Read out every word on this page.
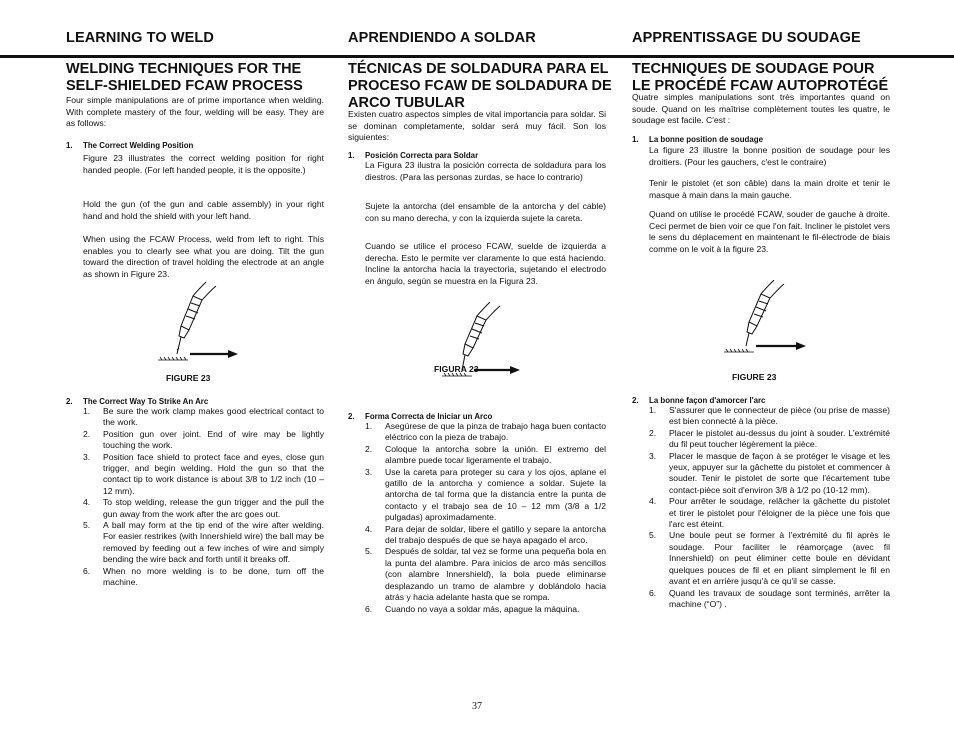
LEARNING TO WELD	APRENDIENDO A SOLDAR	APPRENTISSAGE DU SOUDAGE
WELDING TECHNIQUES FOR THE
SELF-SHIELDED FCAW PROCESS

Four simple manipulations are of prime importance when welding. With complete mastery of the four, welding will be easy. They are as follows:

1. The Correct Welding Position

Figure 23 illustrates the correct welding position for right handed people. (For left handed people, it is the opposite.)

Hold the gun (of the gun and cable assembly) in your right hand and hold the shield with your left hand.

When using the FCAW Process, weld from left to right. This enables you to clearly see what you are doing. Tilt the gun toward the direction of travel holding the electrode at an angle as shown in Figure 23.

FIGURE 23
2. The Correct Way To Strike An Arc
1. Be sure the work clamp makes good electrical contact to the work.
2. Position gun over joint. End of wire may be lightly touching the work.
3. Position face shield to protect face and eyes, close gun trigger, and begin welding. Hold the gun so that the contact tip to work distance is about 3/8 to 1/2 inch (10 – 12 mm).
4. To stop welding, release the gun trigger and the pull the gun away from the work after the arc goes out.
5. A ball may form at the tip end of the wire after welding. For easier restrikes (with Innershield wire) the ball may be removed by feeding out a few inches of wire and simply bending the wire back and forth until it breaks off.
6. When no more welding is to be done, turn off the machine.
TÉCNICAS DE SOLDADURA PARA EL
PROCESO FCAW DE SOLDADURA DE
ARCO TUBULAR

Existen cuatro aspectos simples de vital importancia para soldar. Si se dominan completamente, soldar será muy fácil. Son los siguientes:

1. Posición Correcta para Soldar

La Figura 23 ilustra la posición correcta de soldadura para los diestros. (Para las personas zurdas, se hace lo contrario)

Sujete la antorcha (del ensamble de la antorcha y del cable) con su mano derecha, y con la izquierda sujete la careta.

Cuando se utilice el proceso FCAW, suelde de izquierda a derecha. Esto le permite ver claramente lo que está haciendo. Incline la antorcha hacia la trayectoria, sujetando el electrodo en ángulo, según se muestra en la Figura 23.

FIGURA 23
2. Forma Correcta de Iniciar un Arco
1. Asegúrese de que la pinza de trabajo haga buen contacto eléctrico con la pieza de trabajo.
2. Coloque la antorcha sobre la unión. El extremo del alambre puede tocar ligeramente el trabajo.
3. Use la careta para proteger su cara y los ojos, aplane el gatillo de la antorcha y comience a soldar. Sujete la antorcha de tal forma que la distancia entre la punta de contacto y el trabajo sea de 10 – 12 mm (3/8 a 1/2 pulgadas) aproximadamente.
4. Para dejar de soldar, libere el gatillo y separe la antorcha del trabajo después de que se haya apagado el arco.
5. Después de soldar, tal vez se forme una pequeña bola en la punta del alambre. Para inicios de arco más sencillos (con alambre Innershield), la bola puede eliminarse desplazando un tramo de alambre y doblándolo hacia atrás y hacia adelante hasta que se rompa.
6. Cuando no vaya a soldar más, apague la máquina.
TECHNIQUES DE SOUDAGE POUR
LE PROCÉDÉ FCAW AUTOPROTÉGÉ

Quatre simples manipulations sont très importantes quand on soude. Quand on les maîtrise complètement toutes les quatre, le soudage est facile. C'est :

1. La bonne position de soudage

La figure 23 illustre la bonne position de soudage pour les droitiers. (Pour les gauchers, c'est le contraire)

Tenir le pistolet (et son câble) dans la main droite et tenir le masque à main dans la main gauche.

Quand on utilise le procédé FCAW, souder de gauche à droite. Ceci permet de bien voir ce que l'on fait. Incliner le pistolet vers le sens du déplacement en maintenant le fil-électrode de biais comme on le voit à la figure 23.

FIGURE 23
2. La bonne façon d'amorcer l'arc
1. S'assurer que le connecteur de pièce (ou prise de masse) est bien connecté à la pièce.
2. Placer le pistolet au-dessus du joint à souder. L'extrémité du fil peut toucher légèrement la pièce.
3. Placer le masque de façon à se protéger le visage et les yeux, appuyer sur la gâchette du pistolet et commencer à souder. Tenir le pistolet de sorte que l'écartement tube contact-pièce soit d'environ 3/8 à 1/2 po (10-12 mm).
4. Pour arrêter le soudage, relâcher la gâchette du pistolet et tirer le pistolet pour l'éloigner de la pièce une fois que l'arc est éteint.
5. Une boule peut se former à l'extrémité du fil après le soudage. Pour faciliter le réamorçage (avec fil Innershield) on peut éliminer cette boule en dévidant quelques pouces de fil et en pliant simplement le fil en avant et en arrière jusqu'à ce qu'il se casse.
6. Quand les travaux de soudage sont terminés, arrêter la machine (“O”) .
37
